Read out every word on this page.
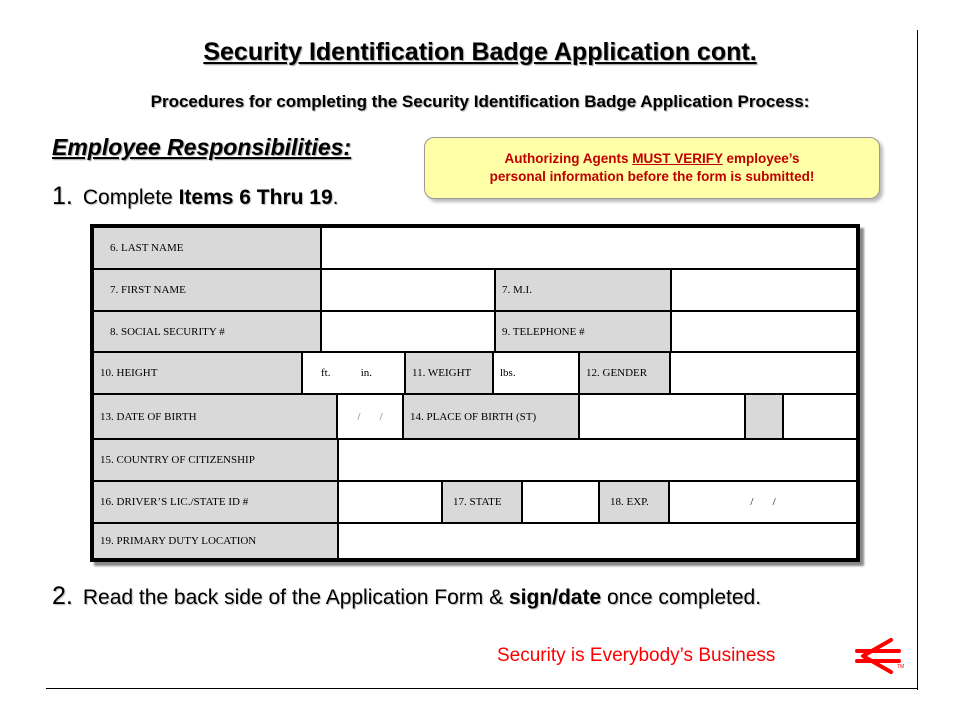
Security Identification Badge Application cont.
Procedures for completing the Security Identification Badge Application Process:
Employee Responsibilities:
1. Complete Items 6 Thru 19.
Authorizing Agents MUST VERIFY employee’s
personal information before the form is submitted!
6. LAST NAME
7. FIRST NAME	7. M.I.
8. SOCIAL SECURITY #	9. TELEPHONE #
10. HEIGHT	ft.           in.	11. WEIGHT	lbs.	12. GENDER
13. DATE OF BIRTH	/       /	14. PLACE OF BIRTH (ST)
15. COUNTRY OF CITIZENSHIP
16. DRIVER’S LIC./STATE ID #	17. STATE	18. EXP.	/       /
19. PRIMARY DUTY LOCATION
2. Read the back side of the Application Form & sign/date once completed.
Security is Everybody’s Business
TM
